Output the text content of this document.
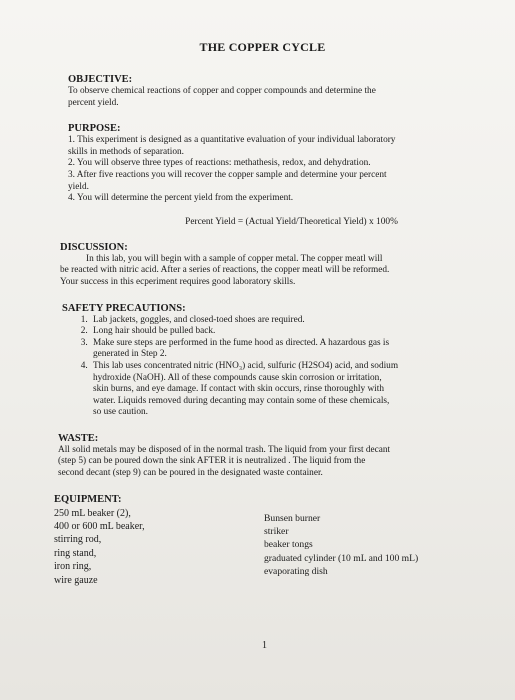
THE COPPER CYCLE
OBJECTIVE:
To observe chemical reactions of copper and copper compounds and determine the
percent yield.
PURPOSE:
1. This experiment is designed as a quantitative evaluation of your individual laboratory
skills in methods of separation.
2. You will observe three types of reactions: methathesis, redox, and dehydration.
3. After five reactions you will recover the copper sample and determine your percent
yield.
4. You will determine the percent yield from the experiment.
Percent Yield = (Actual Yield/Theoretical Yield) x 100%
DISCUSSION:
In this lab, you will begin with a sample of copper metal. The copper meatl will
be reacted with nitric acid. After a series of reactions, the copper meatl will be reformed.
Your success in this ecperiment requires good laboratory skills.
SAFETY PRECAUTIONS:
1. Lab jackets, goggles, and closed-toed shoes are required.
2. Long hair should be pulled back.
3. Make sure steps are performed in the fume hood as directed. A hazardous gas is
generated in Step 2.
4. This lab uses concentrated nitric (HNO₃) acid, sulfuric (H2SO4) acid, and sodium
hydroxide (NaOH). All of these compounds cause skin corrosion or irritation,
skin burns, and eye damage. If contact with skin occurs, rinse thoroughly with
water. Liquids removed during decanting may contain some of these chemicals,
so use caution.
WASTE:
All solid metals may be disposed of in the normal trash. The liquid from your first decant
(step 5) can be poured down the sink AFTER it is neutralized . The liquid from the
second decant (step 9) can be poured in the designated waste container.
EQUIPMENT:
250 mL beaker (2),
400 or 600 mL beaker,
stirring rod,
ring stand,
iron ring,
wire gauze
Bunsen burner
striker
beaker tongs
graduated cylinder (10 mL and 100 mL)
evaporating dish
1
